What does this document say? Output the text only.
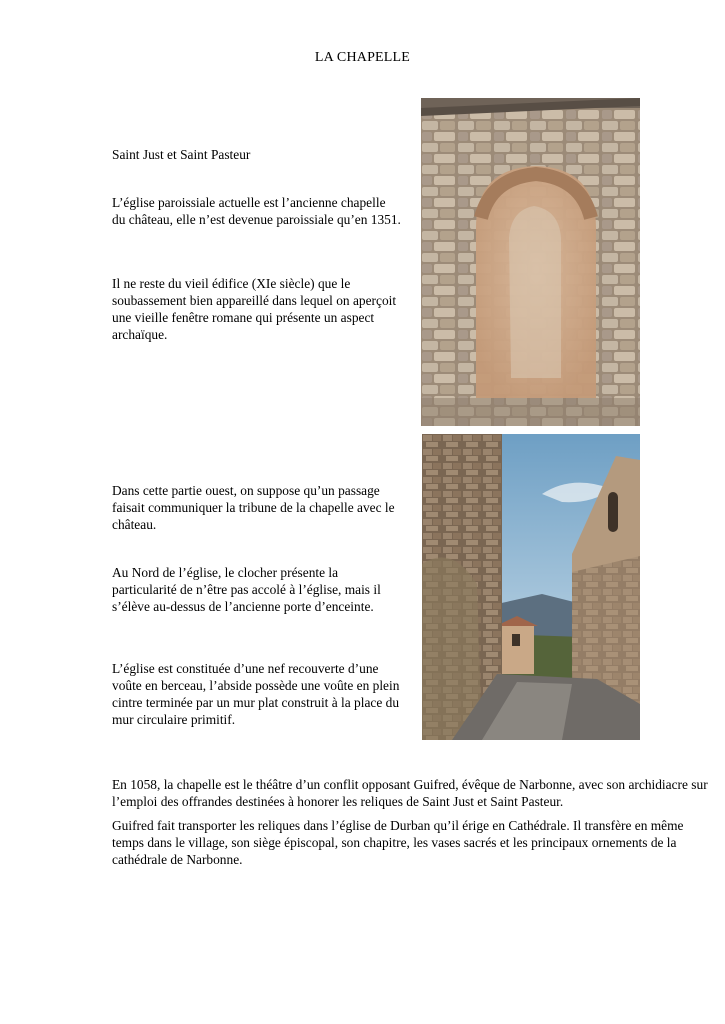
LA CHAPELLE

Saint Just et Saint Pasteur

L’église paroissiale actuelle est l’ancienne chapelle du château, elle n’est devenue paroissiale qu’en 1351.

Il ne reste du vieil édifice (XIe siècle) que le soubassement bien appareillé dans lequel on aperçoit une vieille fenêtre romane qui présente un aspect archaïque.

Dans cette partie ouest, on suppose qu’un passage faisait communiquer la tribune de la chapelle avec le château.

Au Nord de l’église, le clocher présente la particularité de n’être pas accolé à l’église, mais il s’élève au-dessus de l’ancienne porte d’enceinte.

L’église est constituée d’une nef recouverte d’une voûte en berceau, l’abside possède une voûte en plein cintre terminée par un mur plat construit à la place du mur circulaire primitif.

En 1058, la chapelle est le théâtre d’un conflit opposant Guifred, évêque de Narbonne, avec son archidiacre sur l’emploi des offrandes destinées à honorer les reliques de Saint Just et Saint Pasteur.

Guifred fait transporter les reliques dans l’église de Durban qu’il érige en Cathédrale. Il transfère en même temps dans le village, son siège épiscopal, son chapitre, les vases sacrés et les principaux ornements de la cathédrale de Narbonne.
